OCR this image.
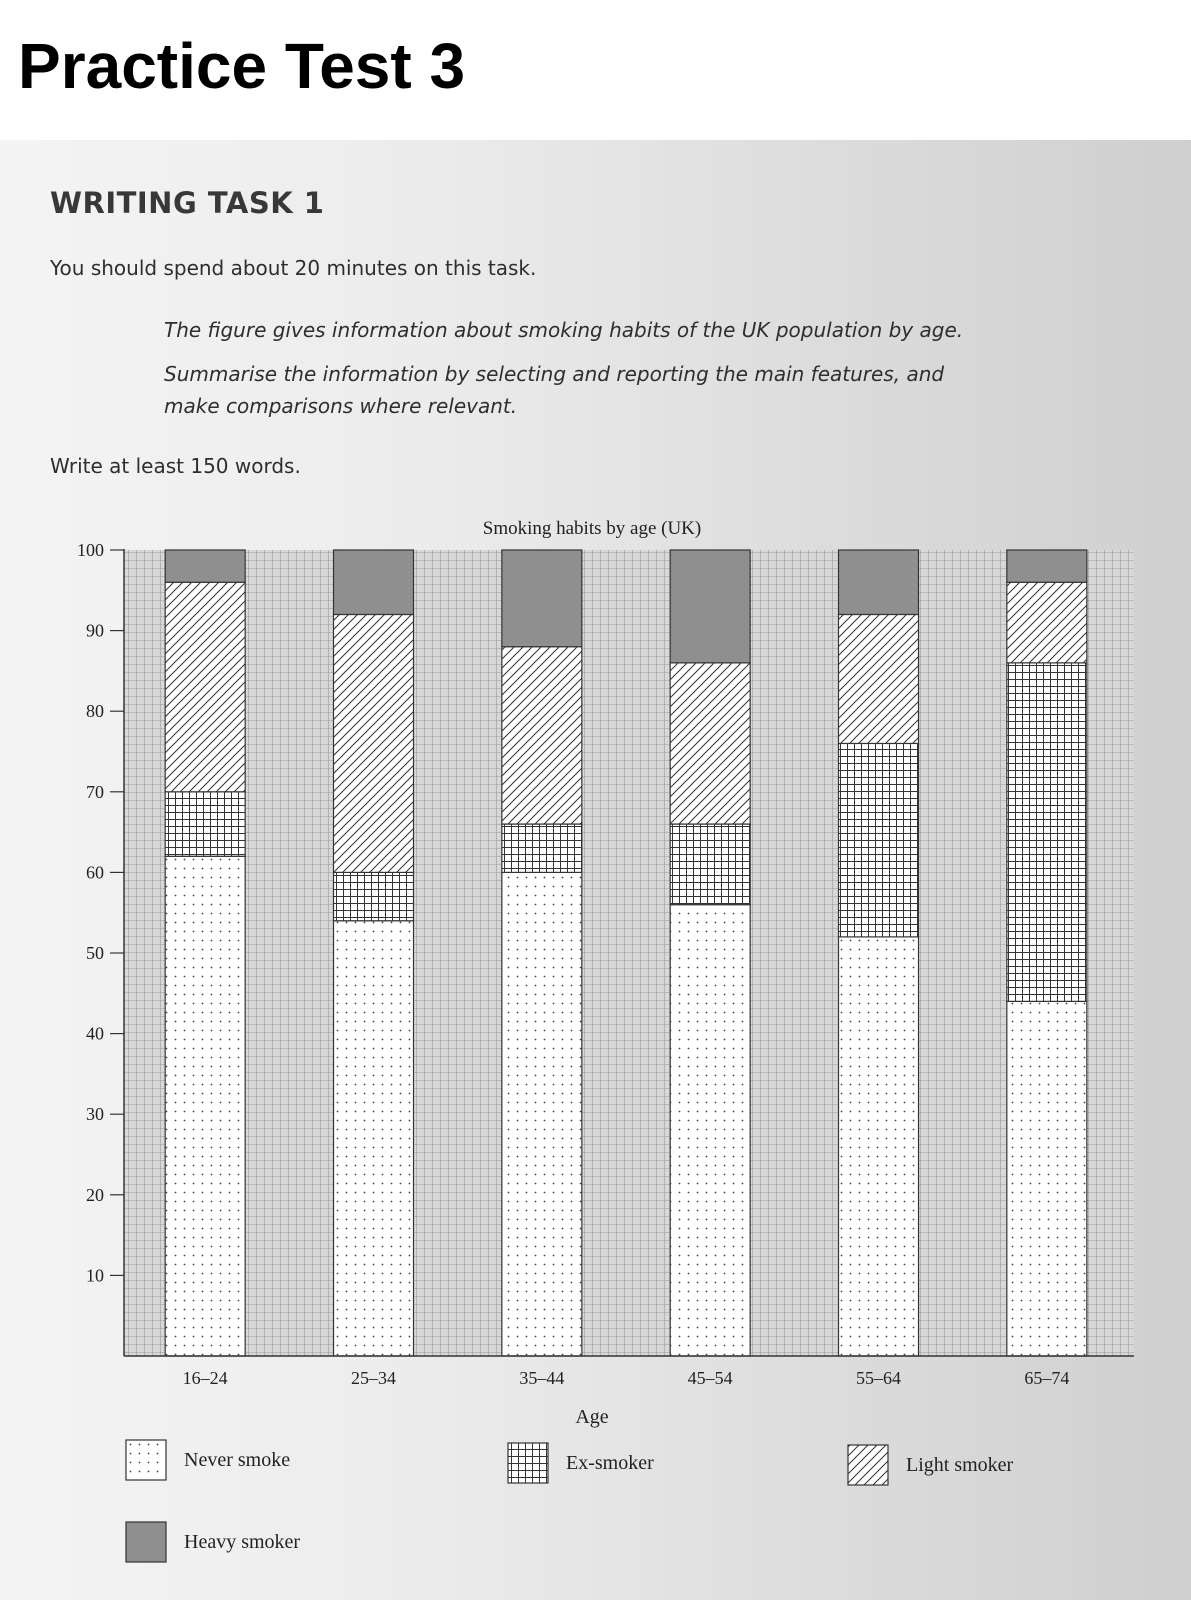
Practice Test 3
WRITING TASK 1

You should spend about 20 minutes on this task.

The figure gives information about smoking habits of the UK population by age.

Summarise the information by selecting and reporting the main features, and

make comparisons where relevant.

Write at least 150 words.

Smoking habits by age (UK)
10
20
30
40
50
60
70
80
90
100
16–24	25–34	35–44	45–54	55–64	65–74
Age
Never smoke	Ex-smoker	Light smoker
Heavy smoker
